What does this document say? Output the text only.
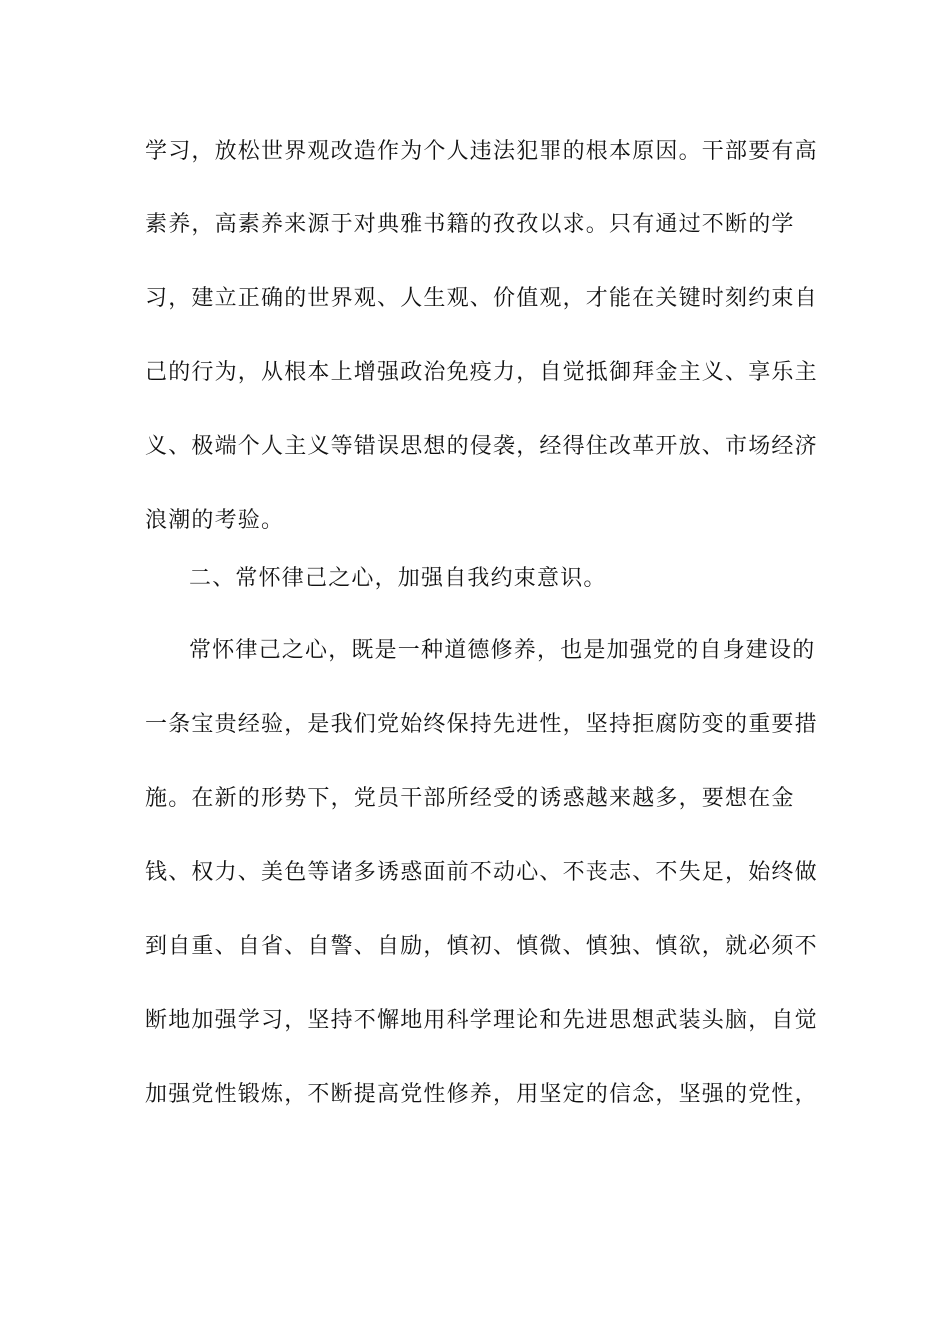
学习，放松世界观改造作为个人违法犯罪的根本原因。干部要有高
素养，高素养来源于对典雅书籍的孜孜以求。只有通过不断的学
习，建立正确的世界观、人生观、价值观，才能在关键时刻约束自
己的行为，从根本上增强政治免疫力，自觉抵御拜金主义、享乐主
义、极端个人主义等错误思想的侵袭，经得住改革开放、市场经济
浪潮的考验。
二、常怀律己之心，加强自我约束意识。
常怀律己之心，既是一种道德修养，也是加强党的自身建设的
一条宝贵经验，是我们党始终保持先进性，坚持拒腐防变的重要措
施。在新的形势下，党员干部所经受的诱惑越来越多，要想在金
钱、权力、美色等诸多诱惑面前不动心、不丧志、不失足，始终做
到自重、自省、自警、自励，慎初、慎微、慎独、慎欲，就必须不
断地加强学习，坚持不懈地用科学理论和先进思想武装头脑，自觉
加强党性锻炼，不断提高党性修养，用坚定的信念，坚强的党性，
